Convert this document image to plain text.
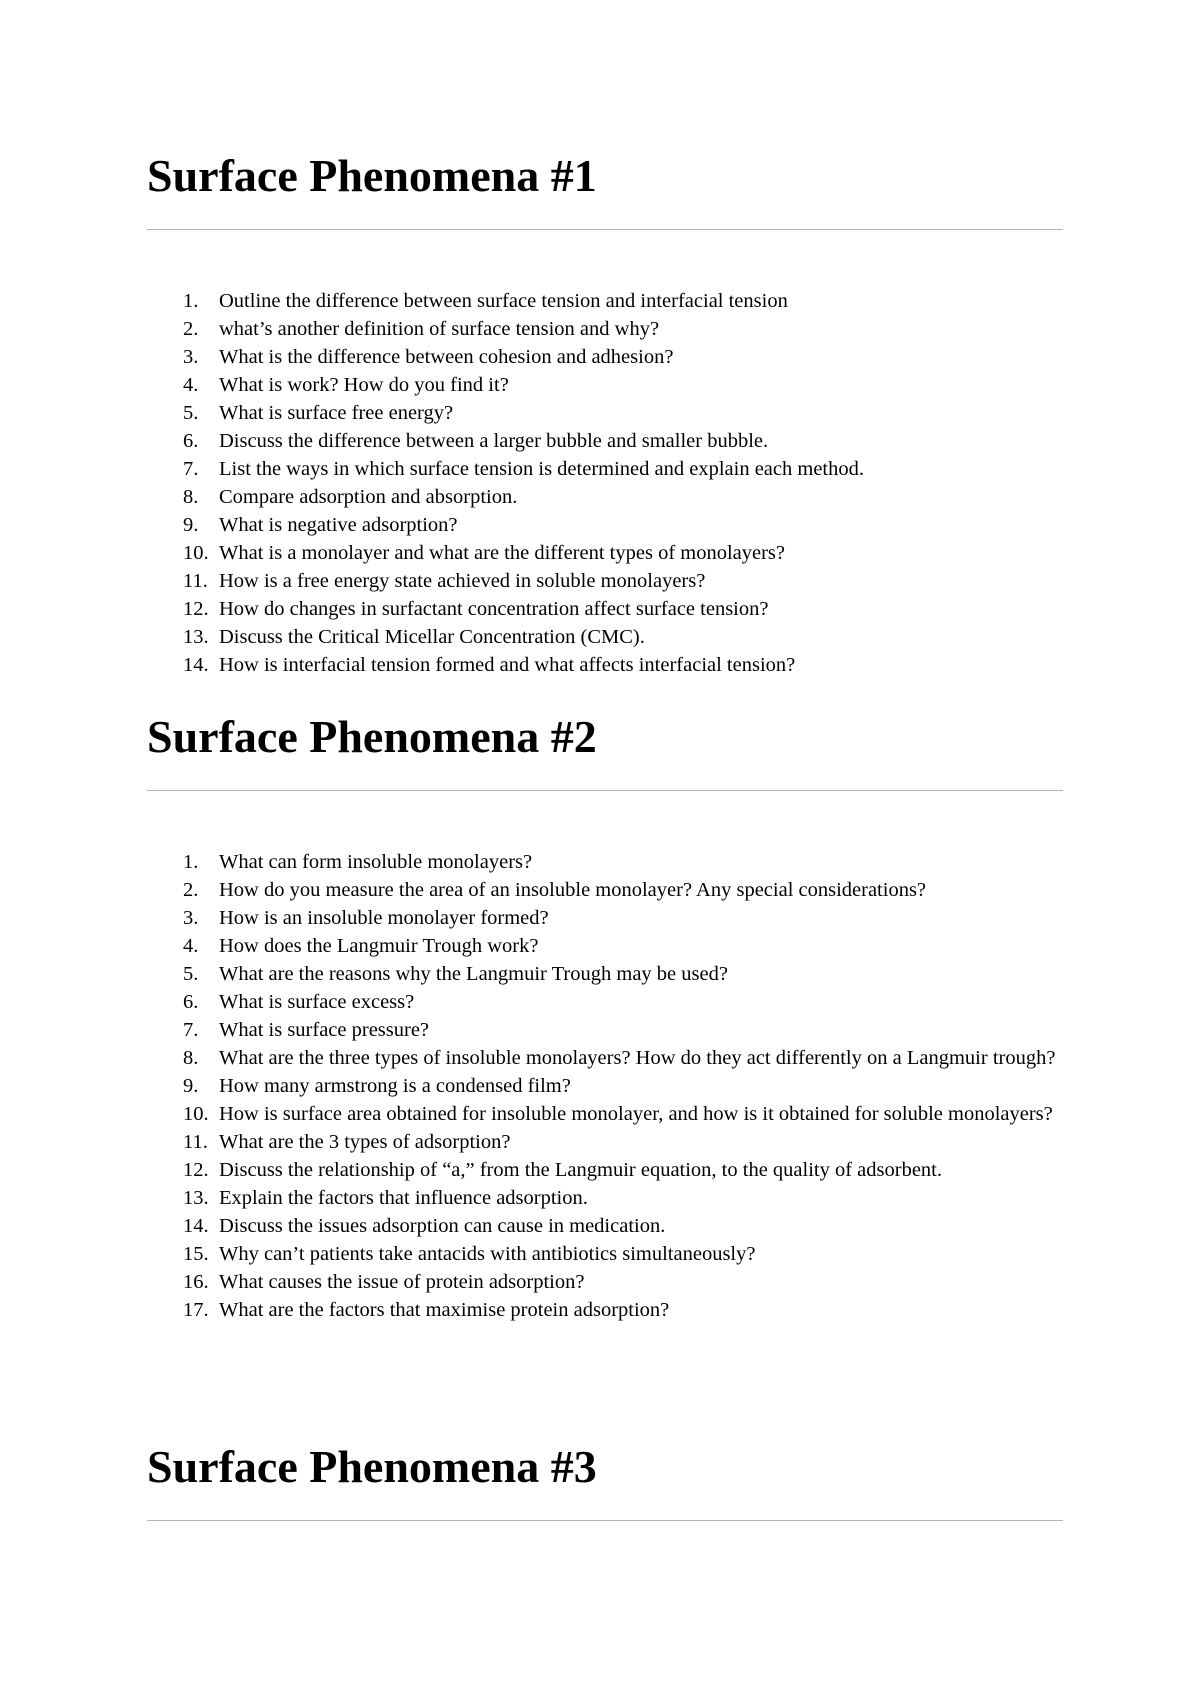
Surface Phenomena #1
1.	Outline the difference between surface tension and interfacial tension
2.	what’s another definition of surface tension and why?
3.	What is the difference between cohesion and adhesion?
4.	What is work? How do you find it?
5.	What is surface free energy?
6.	Discuss the difference between a larger bubble and smaller bubble.
7.	List the ways in which surface tension is determined and explain each method.
8.	Compare adsorption and absorption.
9.	What is negative adsorption?
10. What is a monolayer and what are the different types of monolayers?
11. How is a free energy state achieved in soluble monolayers?
12. How do changes in surfactant concentration affect surface tension?
13. Discuss the Critical Micellar Concentration (CMC).
14. How is interfacial tension formed and what affects interfacial tension?
Surface Phenomena #2
1.	What can form insoluble monolayers?
2.	How do you measure the area of an insoluble monolayer? Any special considerations?
3.	How is an insoluble monolayer formed?
4.	How does the Langmuir Trough work?
5.	What are the reasons why the Langmuir Trough may be used?
6.	What is surface excess?
7.	What is surface pressure?
8.	What are the three types of insoluble monolayers? How do they act differently on a Langmuir trough?
9.	How many armstrong is a condensed film?
10. How is surface area obtained for insoluble monolayer, and how is it obtained for soluble monolayers?
11. What are the 3 types of adsorption?
12. Discuss the relationship of “a,” from the Langmuir equation, to the quality of adsorbent.
13. Explain the factors that influence adsorption.
14. Discuss the issues adsorption can cause in medication.
15. Why can’t patients take antacids with antibiotics simultaneously?
16. What causes the issue of protein adsorption?
17. What are the factors that maximise protein adsorption?
Surface Phenomena #3
